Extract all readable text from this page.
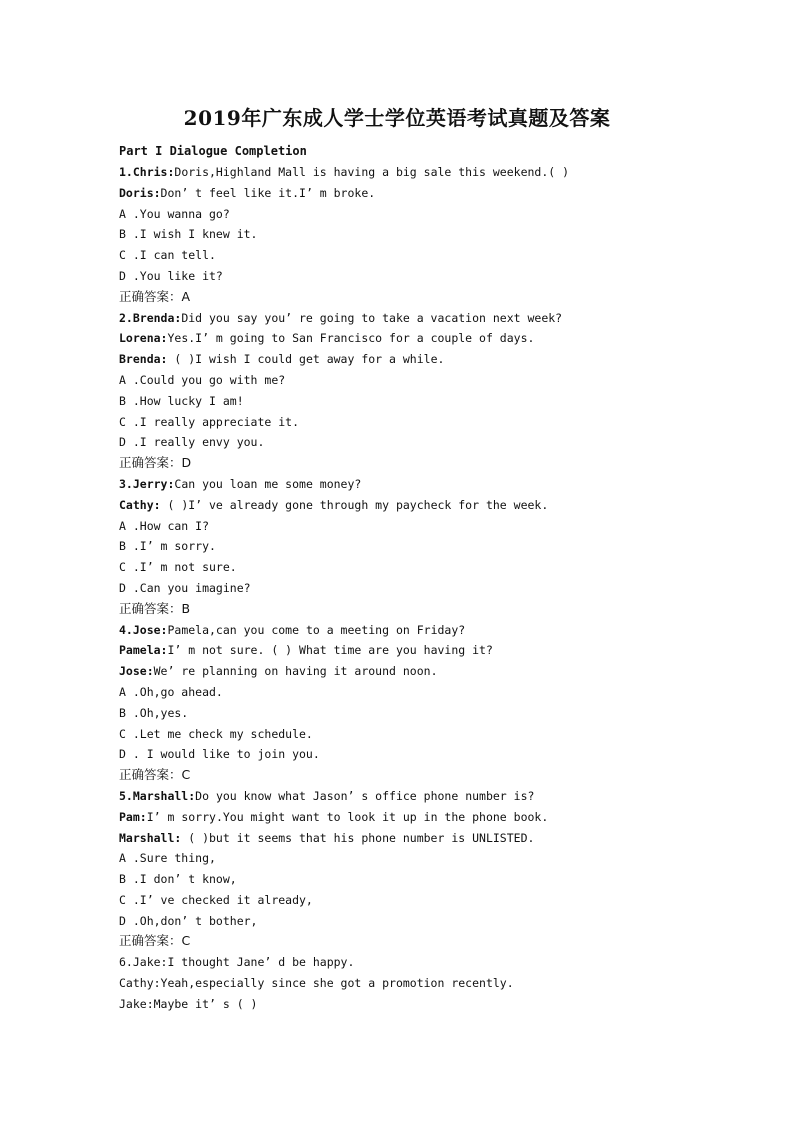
2019年广东成人学士学位英语考试真题及答案
Part I Dialogue Completion
1.Chris:Doris,Highland Mall is having a big sale this weekend.( )
Doris:Don’ t feel like it.I’ m broke.
A .You wanna go?
B .I wish I knew it.
C .I can tell.
D .You like it?
正确答案：A
2.Brenda:Did you say you’ re going to take a vacation next week?
Lorena:Yes.I’ m going to San Francisco for a couple of days.
Brenda: ( )I wish I could get away for a while.
A .Could you go with me?
B .How lucky I am!
C .I really appreciate it.
D .I really envy you.
正确答案：D
3.Jerry:Can you loan me some money?
Cathy: ( )I’ ve already gone through my paycheck for the week.
A .How can I?
B .I’ m sorry.
C .I’ m not sure.
D .Can you imagine?
正确答案：B
4.Jose:Pamela,can you come to a meeting on Friday?
Pamela:I’ m not sure. ( ) What time are you having it?
Jose:We’ re planning on having it around noon.
A .Oh,go ahead.
B .Oh,yes.
C .Let me check my schedule.
D . I would like to join you.
正确答案：C
5.Marshall:Do you know what Jason’ s office phone number is?
Pam:I’ m sorry.You might want to look it up in the phone book.
Marshall: ( )but it seems that his phone number is UNLISTED.
A .Sure thing,
B .I don’ t know,
C .I’ ve checked it already,
D .Oh,don’ t bother,
正确答案：C
6.Jake:I thought Jane’ d be happy.
Cathy:Yeah,especially since she got a promotion recently.
Jake:Maybe it’ s ( )
